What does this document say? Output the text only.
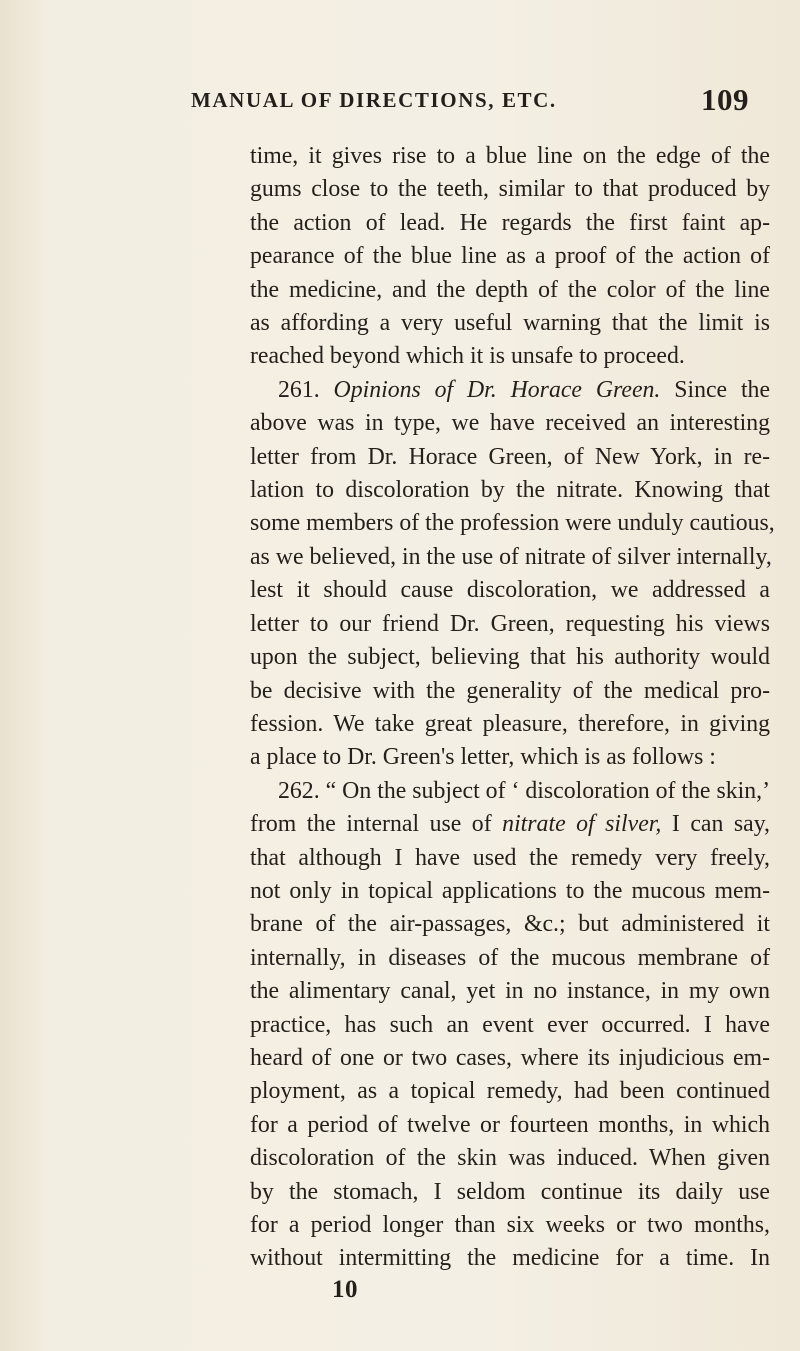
MANUAL OF DIRECTIONS, ETC.	109
time, it gives rise to a blue line on the edge of the
gums close to the teeth, similar to that produced by
the action of lead. He regards the first faint ap-
pearance of the blue line as a proof of the action of
the medicine, and the depth of the color of the line
as affording a very useful warning that the limit is
reached beyond which it is unsafe to proceed.
261. Opinions of Dr. Horace Green. Since the
above was in type, we have received an interesting
letter from Dr. Horace Green, of New York, in re-
lation to discoloration by the nitrate. Knowing that
some members of the profession were unduly cautious,
as we believed, in the use of nitrate of silver internally,
lest it should cause discoloration, we addressed a
letter to our friend Dr. Green, requesting his views
upon the subject, believing that his authority would
be decisive with the generality of the medical pro-
fession. We take great pleasure, therefore, in giving
a place to Dr. Green's letter, which is as follows :
262. “ On the subject of ‘ discoloration of the skin,’
from the internal use of nitrate of silver, I can say,
that although I have used the remedy very freely,
not only in topical applications to the mucous mem-
brane of the air-passages, &c.; but administered it
internally, in diseases of the mucous membrane of
the alimentary canal, yet in no instance, in my own
practice, has such an event ever occurred. I have
heard of one or two cases, where its injudicious em-
ployment, as a topical remedy, had been continued
for a period of twelve or fourteen months, in which
discoloration of the skin was induced. When given
by the stomach, I seldom continue its daily use
for a period longer than six weeks or two months,
without intermitting the medicine for a time. In
10
